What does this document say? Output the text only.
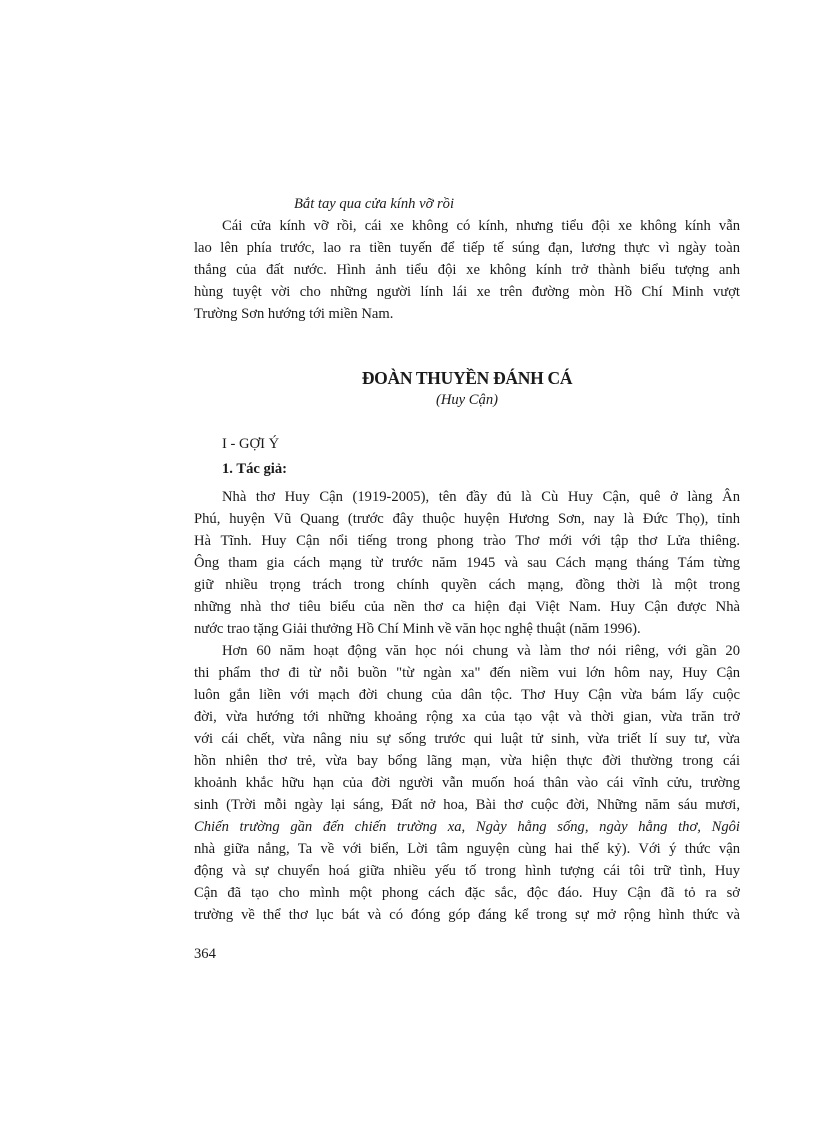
Bắt tay qua cửa kính vỡ rồi
Cái cửa kính vỡ rồi, cái xe không có kính, nhưng tiểu đội xe không kính vẫn
lao lên phía trước, lao ra tiền tuyến để tiếp tế súng đạn, lương thực vì ngày toàn
thắng của đất nước. Hình ảnh tiểu đội xe không kính trở thành biểu tượng anh
hùng tuyệt vời cho những người lính lái xe trên đường mòn Hồ Chí Minh vượt
Trường Sơn hướng tới miền Nam.
ĐOÀN THUYỀN ĐÁNH CÁ
(Huy Cận)
I - GỢI Ý
1. Tác giả:
Nhà thơ Huy Cận (1919-2005), tên đầy đủ là Cù Huy Cận, quê ở làng Ân
Phú, huyện Vũ Quang (trước đây thuộc huyện Hương Sơn, nay là Đức Thọ), tỉnh
Hà Tĩnh. Huy Cận nổi tiếng trong phong trào Thơ mới với tập thơ Lửa thiêng.
Ông tham gia cách mạng từ trước năm 1945 và sau Cách mạng tháng Tám từng
giữ nhiều trọng trách trong chính quyền cách mạng, đồng thời là một trong
những nhà thơ tiêu biểu của nền thơ ca hiện đại Việt Nam. Huy Cận được Nhà
nước trao tặng Giải thưởng Hồ Chí Minh về văn học nghệ thuật (năm 1996).
Hơn 60 năm hoạt động văn học nói chung và làm thơ nói riêng, với gần 20
thi phẩm thơ đi từ nỗi buồn "từ ngàn xa" đến niềm vui lớn hôm nay, Huy Cận
luôn gắn liền với mạch đời chung của dân tộc. Thơ Huy Cận vừa bám lấy cuộc
đời, vừa hướng tới những khoảng rộng xa của tạo vật và thời gian, vừa trăn trở
với cái chết, vừa nâng niu sự sống trước qui luật tử sinh, vừa triết lí suy tư, vừa
hồn nhiên thơ trẻ, vừa bay bổng lãng mạn, vừa hiện thực đời thường trong cái
khoảnh khắc hữu hạn của đời người vẫn muốn hoá thân vào cái vĩnh cửu, trường
sinh (Trời mỗi ngày lại sáng, Đất nở hoa, Bài thơ cuộc đời, Những năm sáu mươi,
Chiến trường gần đến chiến trường xa, Ngày hằng sống, ngày hằng thơ, Ngôi
nhà giữa nắng, Ta về với biển, Lời tâm nguyện cùng hai thế kỷ). Với ý thức vận
động và sự chuyển hoá giữa nhiều yếu tố trong hình tượng cái tôi trữ tình, Huy
Cận đã tạo cho mình một phong cách đặc sắc, độc đáo. Huy Cận đã tỏ ra sở
trường về thể thơ lục bát và có đóng góp đáng kể trong sự mở rộng hình thức và
364
